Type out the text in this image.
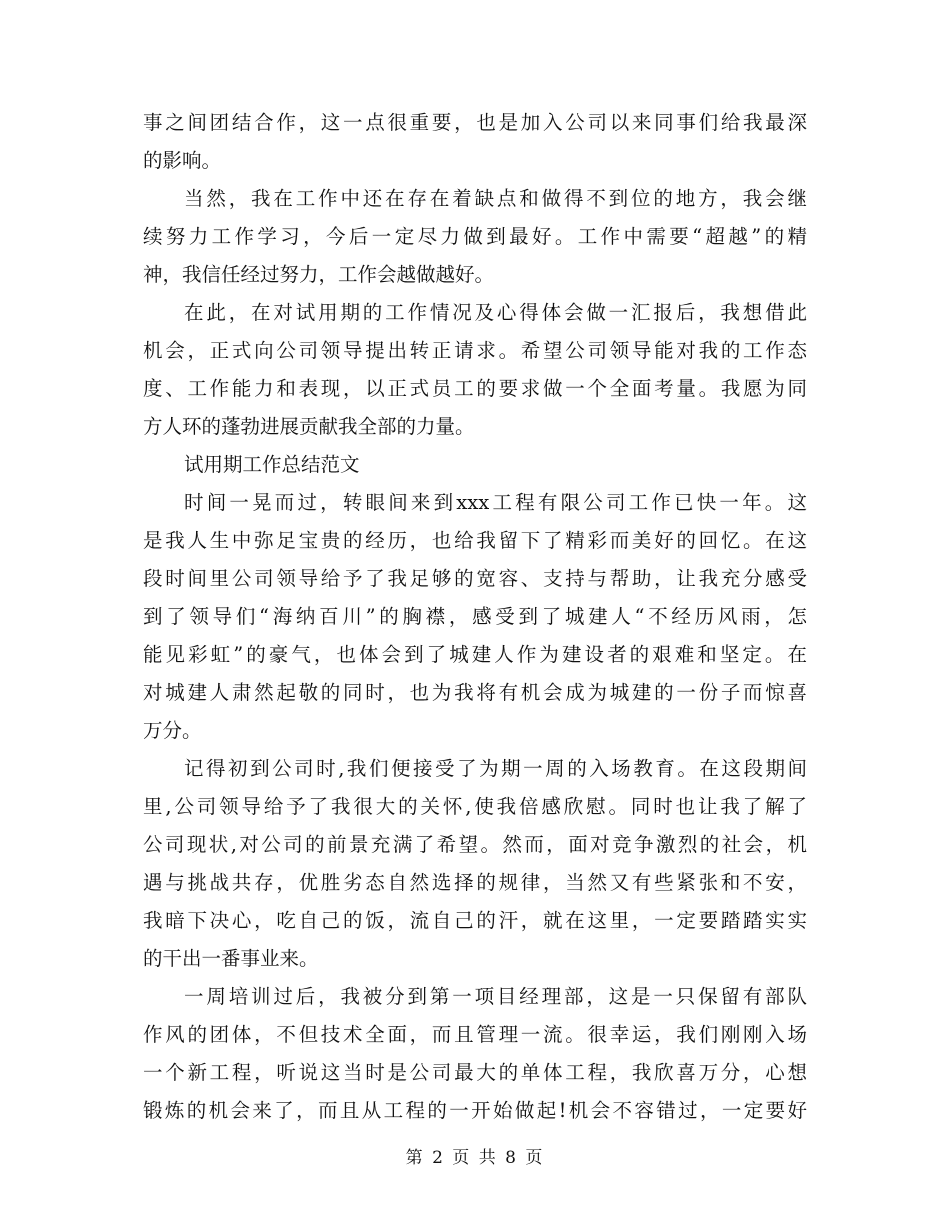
事之间团结合作，这一点很重要，也是加入公司以来同事们给我最深
的影响。
当然，我在工作中还在存在着缺点和做得不到位的地方，我会继
续努力工作学习，今后一定尽力做到最好。工作中需要“超越”的精
神，我信任经过努力，工作会越做越好。
在此，在对试用期的工作情况及心得体会做一汇报后，我想借此
机会，正式向公司领导提出转正请求。希望公司领导能对我的工作态
度、工作能力和表现，以正式员工的要求做一个全面考量。我愿为同
方人环的蓬勃进展贡献我全部的力量。
试用期工作总结范文
时间一晃而过，转眼间来到xxx工程有限公司工作已快一年。这
是我人生中弥足宝贵的经历，也给我留下了精彩而美好的回忆。在这
段时间里公司领导给予了我足够的宽容、支持与帮助，让我充分感受
到了领导们“海纳百川”的胸襟，感受到了城建人“不经历风雨，怎
能见彩虹”的豪气，也体会到了城建人作为建设者的艰难和坚定。在
对城建人肃然起敬的同时，也为我将有机会成为城建的一份子而惊喜
万分。
记得初到公司时,我们便接受了为期一周的入场教育。在这段期间
里,公司领导给予了我很大的关怀,使我倍感欣慰。同时也让我了解了
公司现状,对公司的前景充满了希望。然而，面对竞争激烈的社会，机
遇与挑战共存，优胜劣态自然选择的规律，当然又有些紧张和不安，
我暗下决心，吃自己的饭，流自己的汗，就在这里，一定要踏踏实实
的干出一番事业来。
一周培训过后，我被分到第一项目经理部，这是一只保留有部队
作风的团体，不但技术全面，而且管理一流。很幸运，我们刚刚入场
一个新工程，听说这当时是公司最大的单体工程，我欣喜万分，心想
锻炼的机会来了，而且从工程的一开始做起!机会不容错过，一定要好
第 2 页 共 8 页
